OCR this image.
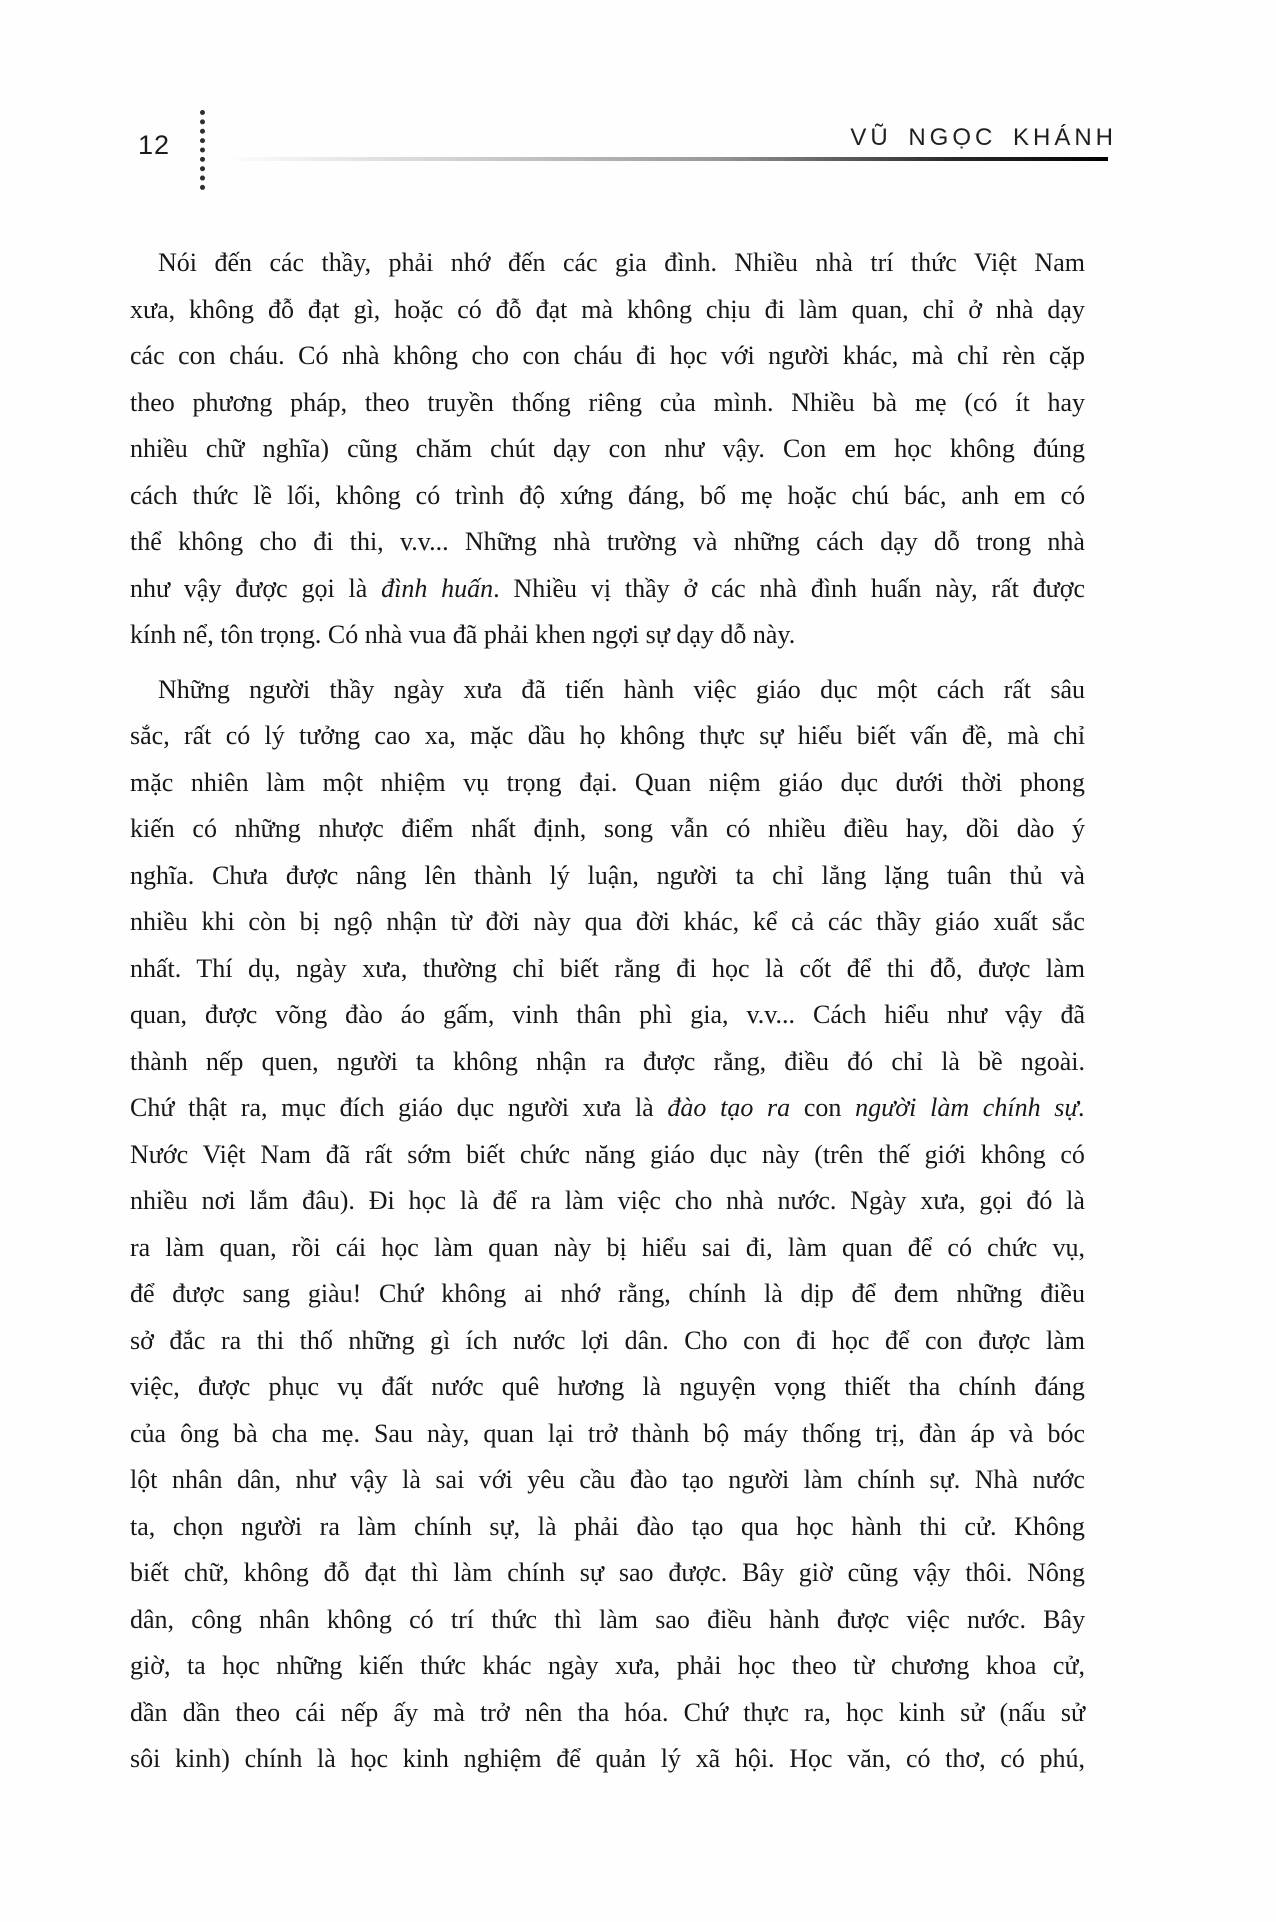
12	VŨ NGỌC KHÁNH
Nói đến các thầy, phải nhớ đến các gia đình. Nhiều nhà trí thức Việt Nam
xưa, không đỗ đạt gì, hoặc có đỗ đạt mà không chịu đi làm quan, chỉ ở nhà dạy
các con cháu. Có nhà không cho con cháu đi học với người khác, mà chỉ rèn cặp
theo phương pháp, theo truyền thống riêng của mình. Nhiều bà mẹ (có ít hay
nhiều chữ nghĩa) cũng chăm chút dạy con như vậy. Con em học không đúng
cách thức lề lối, không có trình độ xứng đáng, bố mẹ hoặc chú bác, anh em có
thể không cho đi thi, v.v... Những nhà trường và những cách dạy dỗ trong nhà
như vậy được gọi là đình huấn. Nhiều vị thầy ở các nhà đình huấn này, rất được
kính nể, tôn trọng. Có nhà vua đã phải khen ngợi sự dạy dỗ này.
Những người thầy ngày xưa đã tiến hành việc giáo dục một cách rất sâu
sắc, rất có lý tưởng cao xa, mặc dầu họ không thực sự hiểu biết vấn đề, mà chỉ
mặc nhiên làm một nhiệm vụ trọng đại. Quan niệm giáo dục dưới thời phong
kiến có những nhược điểm nhất định, song vẫn có nhiều điều hay, dồi dào ý
nghĩa. Chưa được nâng lên thành lý luận, người ta chỉ lẳng lặng tuân thủ và
nhiều khi còn bị ngộ nhận từ đời này qua đời khác, kể cả các thầy giáo xuất sắc
nhất. Thí dụ, ngày xưa, thường chỉ biết rằng đi học là cốt để thi đỗ, được làm
quan, được võng đào áo gấm, vinh thân phì gia, v.v... Cách hiểu như vậy đã
thành nếp quen, người ta không nhận ra được rằng, điều đó chỉ là bề ngoài.
Chứ thật ra, mục đích giáo dục người xưa là đào tạo ra con người làm chính sự.
Nước Việt Nam đã rất sớm biết chức năng giáo dục này (trên thế giới không có
nhiều nơi lắm đâu). Đi học là để ra làm việc cho nhà nước. Ngày xưa, gọi đó là
ra làm quan, rồi cái học làm quan này bị hiểu sai đi, làm quan để có chức vụ,
để được sang giàu! Chứ không ai nhớ rằng, chính là dịp để đem những điều
sở đắc ra thi thố những gì ích nước lợi dân. Cho con đi học để con được làm
việc, được phục vụ đất nước quê hương là nguyện vọng thiết tha chính đáng
của ông bà cha mẹ. Sau này, quan lại trở thành bộ máy thống trị, đàn áp và bóc
lột nhân dân, như vậy là sai với yêu cầu đào tạo người làm chính sự. Nhà nước
ta, chọn người ra làm chính sự, là phải đào tạo qua học hành thi cử. Không
biết chữ, không đỗ đạt thì làm chính sự sao được. Bây giờ cũng vậy thôi. Nông
dân, công nhân không có trí thức thì làm sao điều hành được việc nước. Bây
giờ, ta học những kiến thức khác ngày xưa, phải học theo từ chương khoa cử,
dần dần theo cái nếp ấy mà trở nên tha hóa. Chứ thực ra, học kinh sử (nấu sử
sôi kinh) chính là học kinh nghiệm để quản lý xã hội. Học văn, có thơ, có phú,
